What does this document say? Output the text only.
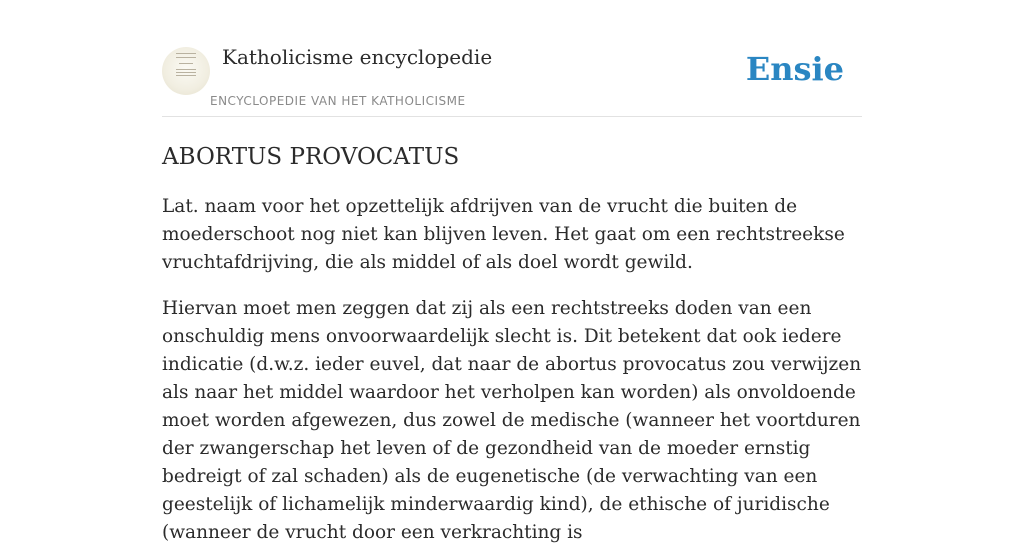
Katholicisme encyclopedie
ENCYCLOPEDIE VAN HET KATHOLICISME
Ensie
ABORTUS PROVOCATUS

Lat. naam voor het opzettelijk afdrijven van de vrucht die buiten de moederschoot nog niet kan blijven leven. Het gaat om een rechtstreekse vruchtafdrijving, die als middel of als doel wordt gewild.

Hiervan moet men zeggen dat zij als een rechtstreeks doden van een onschuldig mens onvoorwaardelijk slecht is. Dit betekent dat ook iedere indicatie (d.w.z. ieder euvel, dat naar de abortus provocatus zou verwijzen als naar het middel waardoor het verholpen kan worden) als onvoldoende moet worden afgewezen, dus zowel de medische (wanneer het voortduren der zwangerschap het leven of de gezondheid van de moeder ernstig bedreigt of zal schaden) als de eugenetische (de verwachting van een geestelijk of lichamelijk minderwaardig kind), de ethische of juridische (wanneer de vrucht door een verkrachting is
